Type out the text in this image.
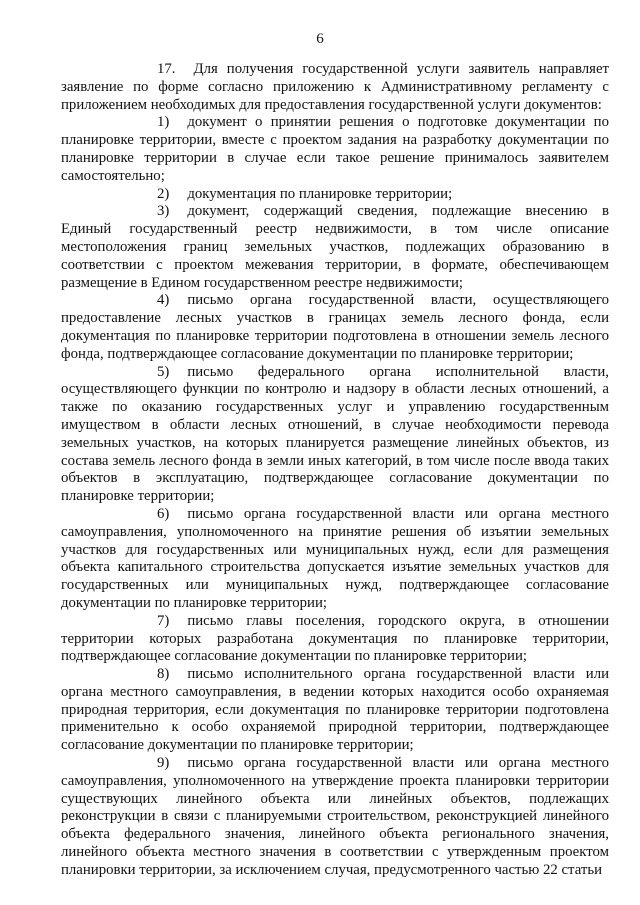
6

17. Для получения государственной услуги заявитель направляет заявление по форме согласно приложению к Административному регламенту с приложением необходимых для предоставления государственной услуги документов:

1) документ о принятии решения о подготовке документации по планировке территории, вместе с проектом задания на разработку документации по планировке территории в случае если такое решение принималось заявителем самостоятельно;

2) документация по планировке территории;

3) документ, содержащий сведения, подлежащие внесению в Единый государственный реестр недвижимости, в том числе описание местоположения границ земельных участков, подлежащих образованию в соответствии с проектом межевания территории, в формате, обеспечивающем размещение в Едином государственном реестре недвижимости;

4) письмо органа государственной власти, осуществляющего предоставление лесных участков в границах земель лесного фонда, если документация по планировке территории подготовлена в отношении земель лесного фонда, подтверждающее согласование документации по планировке территории;

5) письмо федерального органа исполнительной власти, осуществляющего функции по контролю и надзору в области лесных отношений, а также по оказанию государственных услуг и управлению государственным имуществом в области лесных отношений, в случае необходимости перевода земельных участков, на которых планируется размещение линейных объектов, из состава земель лесного фонда в земли иных категорий, в том числе после ввода таких объектов в эксплуатацию, подтверждающее согласование документации по планировке территории;

6) письмо органа государственной власти или органа местного самоуправления, уполномоченного на принятие решения об изъятии земельных участков для государственных или муниципальных нужд, если для размещения объекта капитального строительства допускается изъятие земельных участков для государственных или муниципальных нужд, подтверждающее согласование документации по планировке территории;

7) письмо главы поселения, городского округа, в отношении территории которых разработана документация по планировке территории, подтверждающее согласование документации по планировке территории;

8) письмо исполнительного органа государственной власти или органа местного самоуправления, в ведении которых находится особо охраняемая природная территория, если документация по планировке территории подготовлена применительно к особо охраняемой природной территории, подтверждающее согласование документации по планировке территории;

9) письмо органа государственной власти или органа местного самоуправления, уполномоченного на утверждение проекта планировки территории существующих линейного объекта или линейных объектов, подлежащих реконструкции в связи с планируемыми строительством, реконструкцией линейного объекта федерального значения, линейного объекта регионального значения, линейного объекта местного значения в соответствии с утвержденным проектом планировки территории, за исключением случая, предусмотренного частью 22 статьи
